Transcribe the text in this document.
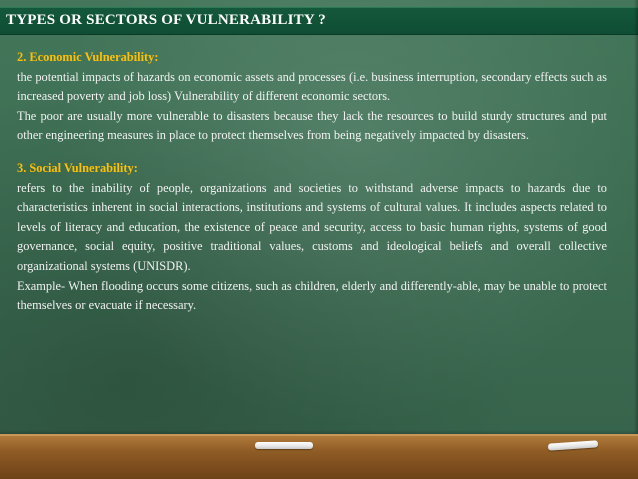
TYPES OR SECTORS OF VULNERABILITY ?
2. Economic Vulnerability:

the potential impacts of hazards on economic assets and processes (i.e. business interruption, secondary effects such as increased poverty and job loss) Vulnerability of different economic sectors.

The poor are usually more vulnerable to disasters because they lack the resources to build sturdy structures and put other engineering measures in place to protect themselves from being negatively impacted by disasters.

3. Social Vulnerability:

refers to the inability of people, organizations and societies to withstand adverse impacts to hazards due to characteristics inherent in social interactions, institutions and systems of cultural values. It includes aspects related to levels of literacy and education, the existence of peace and security, access to basic human rights, systems of good governance, social equity, positive traditional values, customs and ideological beliefs and overall collective organizational systems (UNISDR).

Example- When flooding occurs some citizens, such as children, elderly and differently-able, may be unable to protect themselves or evacuate if necessary.
